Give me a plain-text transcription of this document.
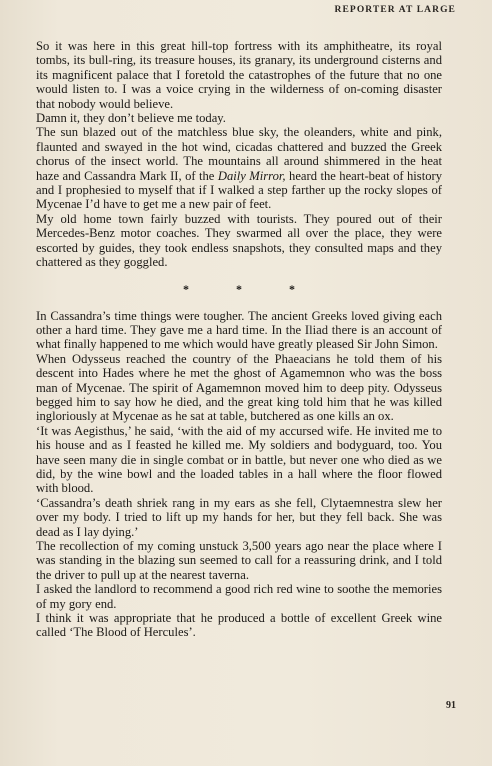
REPORTER AT LARGE

So it was here in this great hill-top fortress with its amphitheatre, its royal tombs, its bull-ring, its treasure houses, its granary, its underground cisterns and its magnificent palace that I foretold the catastrophes of the future that no one would listen to. I was a voice crying in the wilderness of on-coming disaster that nobody would believe.

Damn it, they don’t believe me today.

The sun blazed out of the matchless blue sky, the oleanders, white and pink, flaunted and swayed in the hot wind, cicadas chattered and buzzed the Greek chorus of the insect world. The mountains all around shimmered in the heat haze and Cassandra Mark II, of the Daily Mirror, heard the heart-beat of history and I prophesied to myself that if I walked a step farther up the rocky slopes of Mycenae I’d have to get me a new pair of feet.

My old home town fairly buzzed with tourists. They poured out of their Mercedes-Benz motor coaches. They swarmed all over the place, they were escorted by guides, they took endless snapshots, they consulted maps and they chattered as they goggled.

* * *

In Cassandra’s time things were tougher. The ancient Greeks loved giving each other a hard time. They gave me a hard time. In the Iliad there is an account of what finally happened to me which would have greatly pleased Sir John Simon.

When Odysseus reached the country of the Phaeacians he told them of his descent into Hades where he met the ghost of Agamemnon who was the boss man of Mycenae. The spirit of Agamemnon moved him to deep pity. Odysseus begged him to say how he died, and the great king told him that he was killed ingloriously at Mycenae as he sat at table, butchered as one kills an ox.

‘It was Aegisthus,’ he said, ‘with the aid of my accursed wife. He invited me to his house and as I feasted he killed me. My soldiers and bodyguard, too. You have seen many die in single combat or in battle, but never one who died as we did, by the wine bowl and the loaded tables in a hall where the floor flowed with blood.

‘Cassandra’s death shriek rang in my ears as she fell, Clytaemnestra slew her over my body. I tried to lift up my hands for her, but they fell back. She was dead as I lay dying.’

The recollection of my coming unstuck 3,500 years ago near the place where I was standing in the blazing sun seemed to call for a reassuring drink, and I told the driver to pull up at the nearest taverna.

I asked the landlord to recommend a good rich red wine to soothe the memories of my gory end.

I think it was appropriate that he produced a bottle of excellent Greek wine called ‘The Blood of Hercules’.

91
